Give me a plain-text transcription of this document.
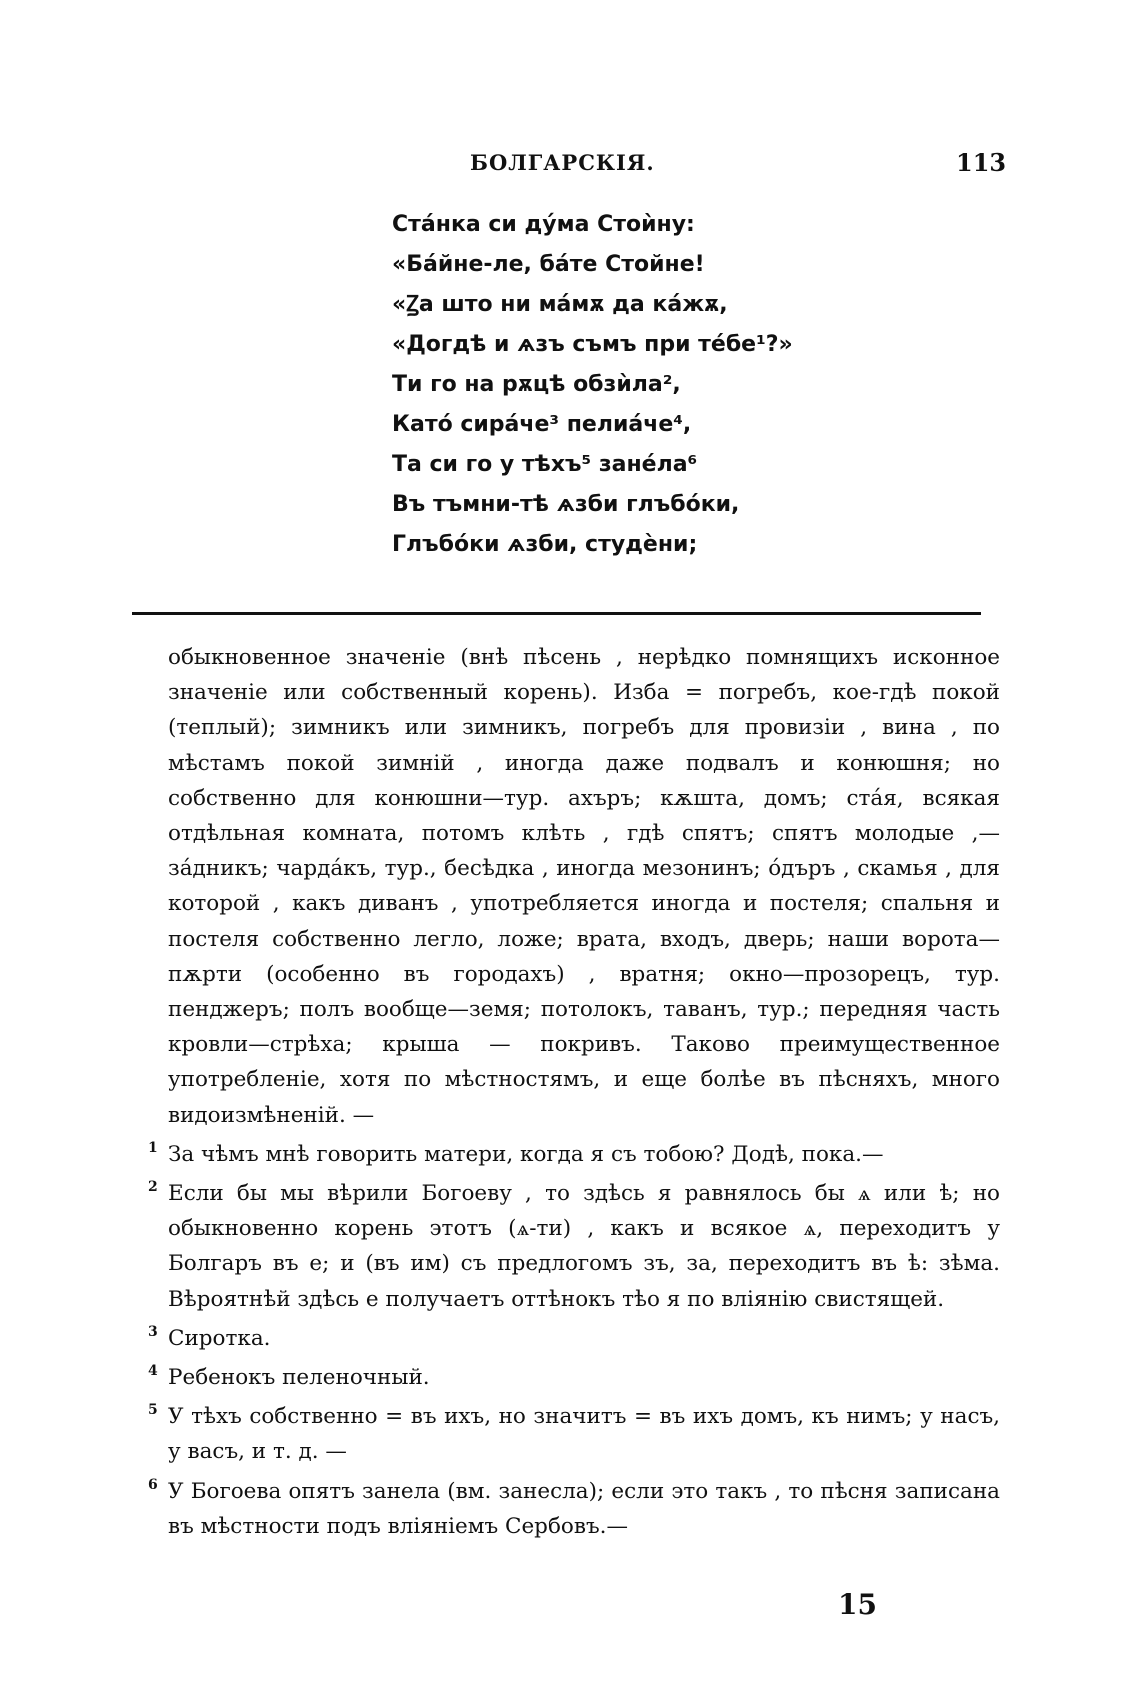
БОЛГАРСКІЯ.	113
Стáнка си дýма Стоѝну:
«Бáйне-ле, бáте Стойне!
«Ꙁа што ни мáмѫ да кáжѫ,
«Догдѣ и ѧзъ съмъ при тéбе¹?»
Ти го на рѫцѣ обзѝла²,
Катó сирáче³ пелиáче⁴,
Та си го у тѣхъ⁵ занéла⁶
Въ тъмни-тѣ ѧзби глъбóки,
Глъбóки ѧзби, студѐни;
обыкновенное значеніе (внѣ пѣсень , нерѣдко помнящихъ исконное значеніе или собственный корень). Изба = погребъ, кое-гдѣ покой (теплый); зимникъ или зимникъ, погребъ для провизіи , вина , по мѣстамъ покой зимній , иногда даже подвалъ и конюшня; но собственно для конюшни—тур. ахъръ; кѫшта, домъ; стáя, всякая отдѣльная комната, потомъ клѣть , гдѣ спятъ; спятъ молодые ,—зáдникъ; чардáкъ, тур., бесѣдка , иногда мезонинъ; óдъръ , скамья , для которой , какъ диванъ , употребляется иногда и постеля; спальня и постеля собственно легло, ложе; врата, входъ, дверь; наши ворота—пѫрти (особенно въ городахъ) , вратня; окно—прозорецъ, тур. пенджеръ; полъ вообще—земя; потолокъ, таванъ, тур.; передняя часть кровли—стрѣха; крыша — покривъ. Таково преимущественное употребленіе, хотя по мѣстностямъ, и еще болѣе въ пѣсняхъ, много видоизмѣненій. —
1 За чѣмъ мнѣ говорить матери, когда я съ тобою? Додѣ, пока.—
2 Если бы мы вѣрили Богоеву , то здѣсь я равнялось бы ѧ или ѣ; но обыкновенно корень этотъ (ѧ-ти) , какъ и всякое ѧ, переходитъ у Болгаръ въ е; и (въ им) съ предлогомъ зъ, за, переходитъ въ ѣ: зѣма. Вѣроятнѣй здѣсь е получаетъ оттѣнокъ тѣо я по вліянію свистящей.
3 Сиротка.
4 Ребенокъ пеленочный.
5 У тѣхъ собственно = въ ихъ, но значитъ = въ ихъ домъ, къ нимъ; у насъ, у васъ, и т. д. —
6 У Богоева опятъ занела (вм. занесла); если это такъ , то пѣсня записана въ мѣстности подъ вліяніемъ Сербовъ.—
15
